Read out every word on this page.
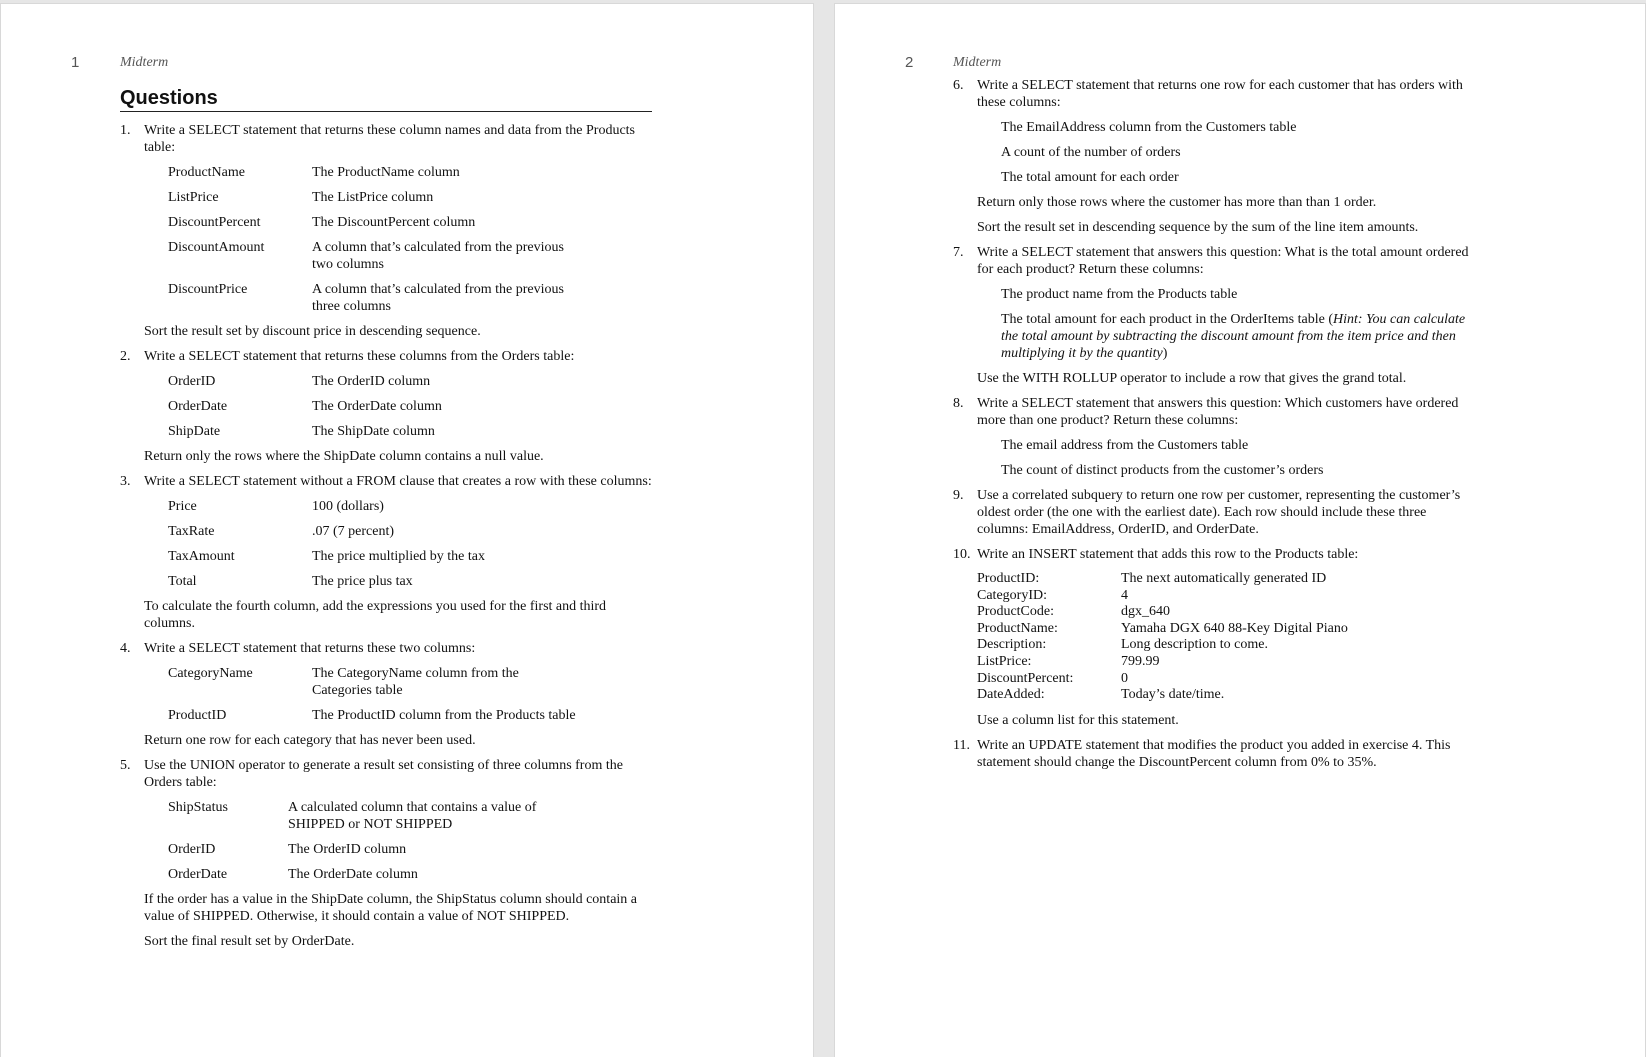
1	Midterm
Questions
1. Write a SELECT statement that returns these column names and data from the Products table:
ProductName	The ProductName column
ListPrice	The ListPrice column
DiscountPercent	The DiscountPercent column
DiscountAmount	A column that’s calculated from the previous two columns
DiscountPrice	A column that’s calculated from the previous three columns
Sort the result set by discount price in descending sequence.
2. Write a SELECT statement that returns these columns from the Orders table:
OrderID	The OrderID column
OrderDate	The OrderDate column
ShipDate	The ShipDate column
Return only the rows where the ShipDate column contains a null value.
3. Write a SELECT statement without a FROM clause that creates a row with these columns:
Price	100 (dollars)
TaxRate	.07 (7 percent)
TaxAmount	The price multiplied by the tax
Total	The price plus tax
To calculate the fourth column, add the expressions you used for the first and third columns.
4. Write a SELECT statement that returns these two columns:
CategoryName	The CategoryName column from the Categories table
ProductID	The ProductID column from the Products table
Return one row for each category that has never been used.
5. Use the UNION operator to generate a result set consisting of three columns from the Orders table:
ShipStatus	A calculated column that contains a value of SHIPPED or NOT SHIPPED
OrderID	The OrderID column
OrderDate	The OrderDate column
If the order has a value in the ShipDate column, the ShipStatus column should contain a value of SHIPPED. Otherwise, it should contain a value of NOT SHIPPED.
Sort the final result set by OrderDate.
2	Midterm
6. Write a SELECT statement that returns one row for each customer that has orders with these columns:
The EmailAddress column from the Customers table
A count of the number of orders
The total amount for each order
Return only those rows where the customer has more than than 1 order.
Sort the result set in descending sequence by the sum of the line item amounts.
7. Write a SELECT statement that answers this question: What is the total amount ordered for each product? Return these columns:
The product name from the Products table
The total amount for each product in the OrderItems table (Hint: You can calculate the total amount by subtracting the discount amount from the item price and then multiplying it by the quantity)
Use the WITH ROLLUP operator to include a row that gives the grand total.
8. Write a SELECT statement that answers this question: Which customers have ordered more than one product? Return these columns:
The email address from the Customers table
The count of distinct products from the customer’s orders
9. Use a correlated subquery to return one row per customer, representing the customer’s oldest order (the one with the earliest date). Each row should include these three columns: EmailAddress, OrderID, and OrderDate.
10. Write an INSERT statement that adds this row to the Products table:
ProductID:	The next automatically generated ID
CategoryID:	4
ProductCode:	dgx_640
ProductName:	Yamaha DGX 640 88-Key Digital Piano
Description:	Long description to come.
ListPrice:	799.99
DiscountPercent:	0
DateAdded:	Today’s date/time.
Use a column list for this statement.
11. Write an UPDATE statement that modifies the product you added in exercise 4. This statement should change the DiscountPercent column from 0% to 35%.
